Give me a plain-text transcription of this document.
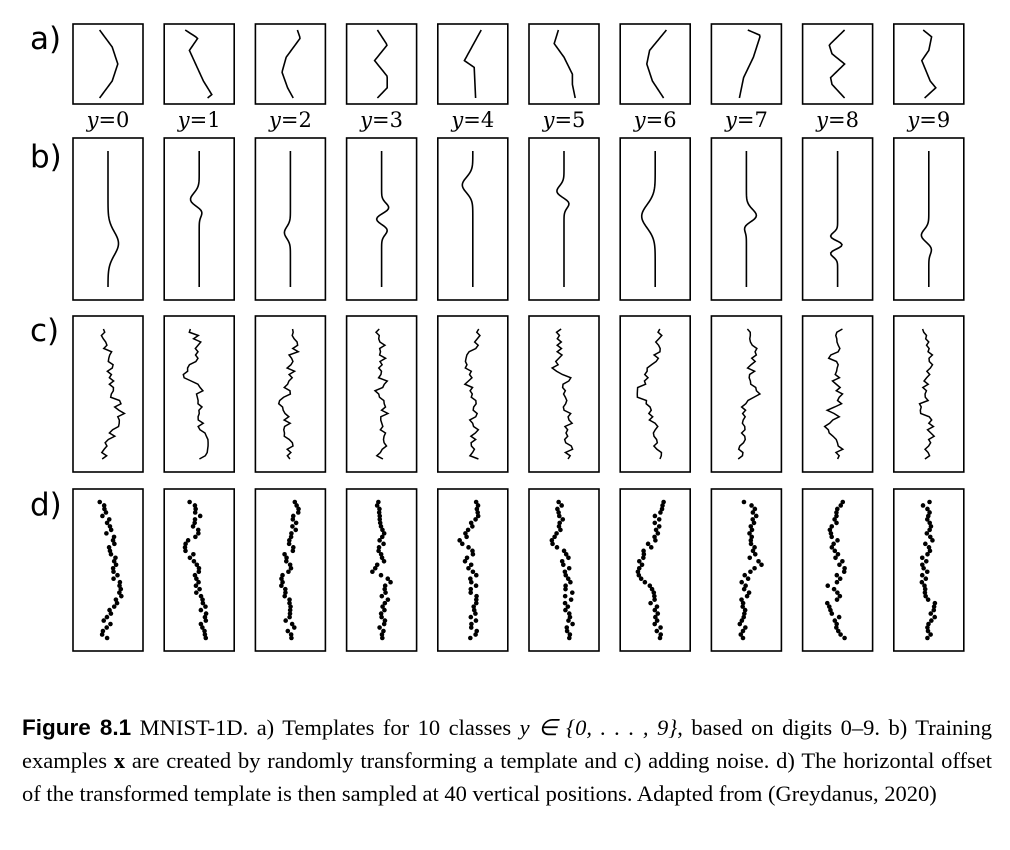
a)
b)
c)
d)
y=0	y=1	y=2	y=3	y=4	y=5	y=6	y=7	y=8	y=9
Figure 8.1 MNIST-1D. a) Templates for 10 classes y ∈ {0, . . . , 9}, based on digits 0–9. b) Training examples x are created by randomly transforming a template and c) adding noise. d) The horizontal offset of the transformed template is then sampled at 40 vertical positions. Adapted from (Greydanus, 2020)
